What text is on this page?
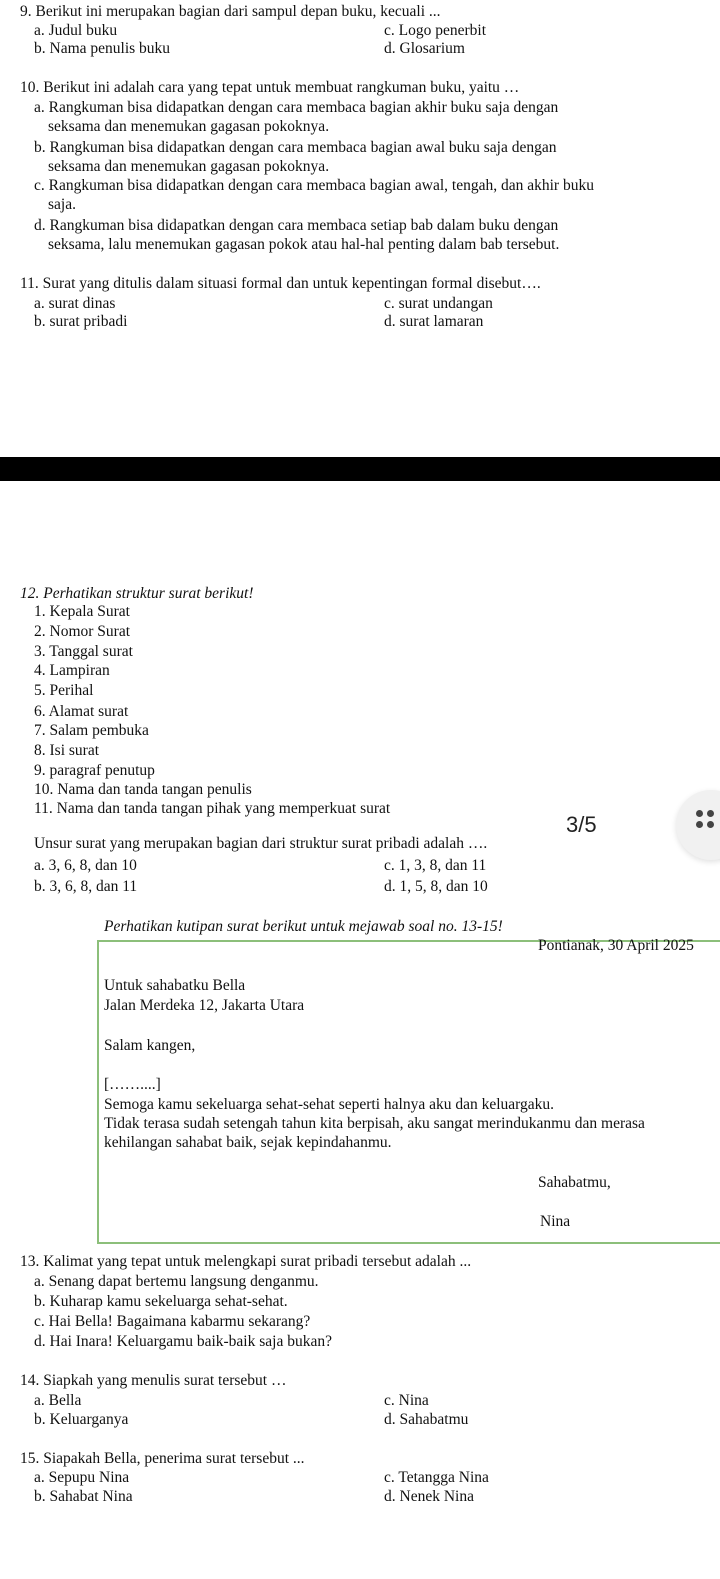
9. Berikut ini merupakan bagian dari sampul depan buku, kecuali ...
a. Judul buku	c. Logo penerbit
b. Nama penulis buku	d. Glosarium
10. Berikut ini adalah cara yang tepat untuk membuat rangkuman buku, yaitu …
a. Rangkuman bisa didapatkan dengan cara membaca bagian akhir buku saja dengan
seksama dan menemukan gagasan pokoknya.
b. Rangkuman bisa didapatkan dengan cara membaca bagian awal buku saja dengan
seksama dan menemukan gagasan pokoknya.
c. Rangkuman bisa didapatkan dengan cara membaca bagian awal, tengah, dan akhir buku
saja.
d. Rangkuman bisa didapatkan dengan cara membaca setiap bab dalam buku dengan
seksama, lalu menemukan gagasan pokok atau hal-hal penting dalam bab tersebut.
11. Surat yang ditulis dalam situasi formal dan untuk kepentingan formal disebut….
a. surat dinas	c. surat undangan
b. surat pribadi	d. surat lamaran
12. Perhatikan struktur surat berikut!
1. Kepala Surat
2. Nomor Surat
3. Tanggal surat
4. Lampiran
5. Perihal
6. Alamat surat
7. Salam pembuka
8. Isi surat
9. paragraf penutup
10. Nama dan tanda tangan penulis
11. Nama dan tanda tangan pihak yang memperkuat surat
Unsur surat yang merupakan bagian dari struktur surat pribadi adalah ….
a. 3, 6, 8, dan 10	c. 1, 3, 8, dan 11
b. 3, 6, 8, dan 11	d. 1, 5, 8, dan 10
3/5
Perhatikan kutipan surat berikut untuk mejawab soal no. 13-15!
Pontianak, 30 April 2025
Untuk sahabatku Bella
Jalan Merdeka 12, Jakarta Utara
Salam kangen,
[……....]
Semoga kamu sekeluarga sehat-sehat seperti halnya aku dan keluargaku.
Tidak terasa sudah setengah tahun kita berpisah, aku sangat merindukanmu dan merasa
kehilangan sahabat baik, sejak kepindahanmu.
Sahabatmu,
Nina
13. Kalimat yang tepat untuk melengkapi surat pribadi tersebut adalah ...
a. Senang dapat bertemu langsung denganmu.
b. Kuharap kamu sekeluarga sehat-sehat.
c. Hai Bella! Bagaimana kabarmu sekarang?
d. Hai Inara! Keluargamu baik-baik saja bukan?
14. Siapkah yang menulis surat tersebut …
a. Bella	c. Nina
b. Keluarganya	d. Sahabatmu
15. Siapakah Bella, penerima surat tersebut ...
a. Sepupu Nina	c. Tetangga Nina
b. Sahabat Nina	d. Nenek Nina
